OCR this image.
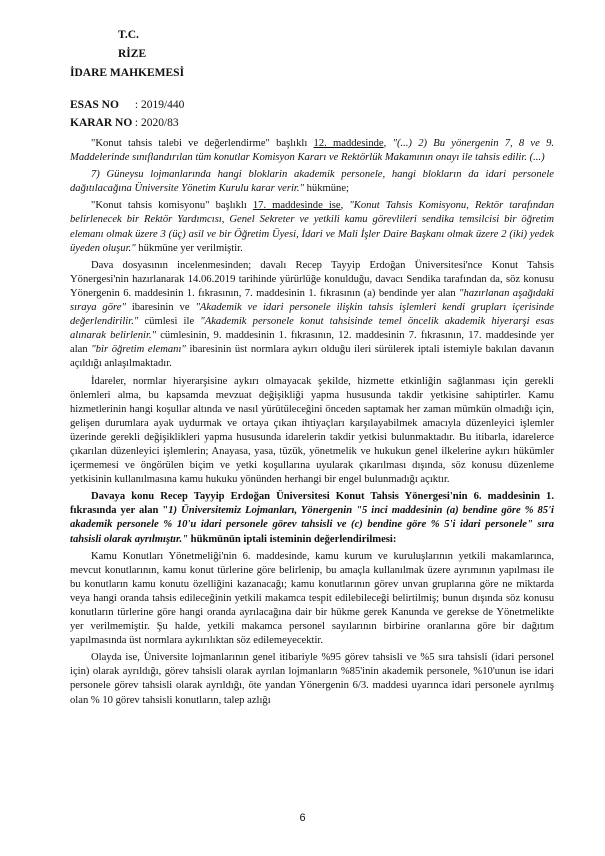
T.C.
RİZE
İDARE MAHKEMESİ
ESAS NO : 2019/440
KARAR NO : 2020/83

"Konut tahsis talebi ve değerlendirme" başlıklı 12. maddesinde, "(...) 2) Bu yönergenin 7, 8 ve 9. Maddelerinde sınıflandırılan tüm konutlar Komisyon Kararı ve Rektörlük Makamının onayı ile tahsis edilir. (...)

7) Güneysu lojmanlarında hangi bloklarin akademik personele, hangi blokların da idari personele dağıtılacağına Üniversite Yönetim Kurulu karar verir." hükmüne;

"Konut tahsis komisyonu" başlıklı 17. maddesinde ise, "Konut Tahsis Komisyonu, Rektör tarafından belirlenecek bir Rektör Yardımcısı, Genel Sekreter ve yetkili kamu görevlileri sendika temsilcisi bir öğretim elemanı olmak üzere 3 (üç) asil ve bir Öğretim Üyesi, İdari ve Mali İşler Daire Başkanı olmak üzere 2 (iki) yedek üyeden oluşur." hükmüne yer verilmiştir.

Dava dosyasının incelenmesinden; davalı Recep Tayyip Erdoğan Üniversitesi'nce Konut Tahsis Yönergesi'nin hazırlanarak 14.06.2019 tarihinde yürürlüğe konulduğu, davacı Sendika tarafından da, söz konusu Yönergenin 6. maddesinin 1. fıkrasının, 7. maddesinin 1. fıkrasının (a) bendinde yer alan "hazırlanan aşağıdaki sıraya göre" ibaresinin ve "Akademik ve idari personele ilişkin tahsis işlemleri kendi grupları içerisinde değerlendirilir." cümlesi ile "Akademik personele konut tahsisinde temel öncelik akademik hiyerarşi esas alınarak belirlenir." cümlesinin, 9. maddesinin 1. fıkrasının, 12. maddesinin 7. fıkrasının, 17. maddesinde yer alan "bir öğretim elemanı" ibaresinin üst normlara aykırı olduğu ileri sürülerek iptali istemiyle bakılan davanın açıldığı anlaşılmaktadır.

İdareler, normlar hiyerarşisine aykırı olmayacak şekilde, hizmette etkinliğin sağlanması için gerekli önlemleri alma, bu kapsamda mevzuat değişikliği yapma hususunda takdir yetkisine sahiptirler. Kamu hizmetlerinin hangi koşullar altında ve nasıl yürütüleceğini önceden saptamak her zaman mümkün olmadığı için, gelişen durumlara ayak uydurmak ve ortaya çıkan ihtiyaçları karşılayabilmek amacıyla düzenleyici işlemler üzerinde gerekli değişiklikleri yapma hususunda idarelerin takdir yetkisi bulunmaktadır. Bu itibarla, idarelerce çıkarılan düzenleyici işlemlerin; Anayasa, yasa, tüzük, yönetmelik ve hukukun genel ilkelerine aykırı hükümler içermemesi ve öngörülen biçim ve yetki koşullarına uyularak çıkarılması dışında, söz konusu düzenleme yetkisinin kullanılmasına kamu hukuku yönünden herhangi bir engel bulunmadığı açıktır.

Davaya konu Recep Tayyip Erdoğan Üniversitesi Konut Tahsis Yönergesi'nin 6. maddesinin 1. fıkrasında yer alan "1) Üniversitemiz Lojmanları, Yönergenin "5 inci maddesinin (a) bendine göre % 85'i akademik personele % 10'u idari personele görev tahsisli ve (c) bendine göre % 5'i idari personele" sıra tahsisli olarak ayrılmıştır." hükmünün iptali isteminin değerlendirilmesi:

Kamu Konutları Yönetmeliği'nin 6. maddesinde, kamu kurum ve kuruluşlarının yetkili makamlarınca, mevcut konutlarının, kamu konut türlerine göre belirlenip, bu amaçla kullanılmak üzere ayrımının yapılması ile bu konutların kamu konutu özelliğini kazanacağı; kamu konutlarının görev unvan gruplarına göre ne miktarda veya hangi oranda tahsis edileceğinin yetkili makamca tespit edilebileceği belirtilmiş; bunun dışında söz konusu konutların türlerine göre hangi oranda ayrılacağına dair bir hükme gerek Kanunda ve gerekse de Yönetmelikte yer verilmemiştir. Şu halde, yetkili makamca personel sayılarının birbirine oranlarına göre bir dağıtım yapılmasında üst normlara aykırılıktan söz edilemeyecektir.

Olayda ise, Üniversite lojmanlarının genel itibariyle %95 görev tahsisli ve %5 sıra tahsisli (idari personel için) olarak ayrıldığı, görev tahsisli olarak ayrılan lojmanların %85'inin akademik personele, %10'unun ise idari personele görev tahsisli olarak ayrıldığı, öte yandan Yönergenin 6/3. maddesi uyarınca idari personele ayrılmış olan % 10 görev tahsisli konutların, talep azlığı

6
